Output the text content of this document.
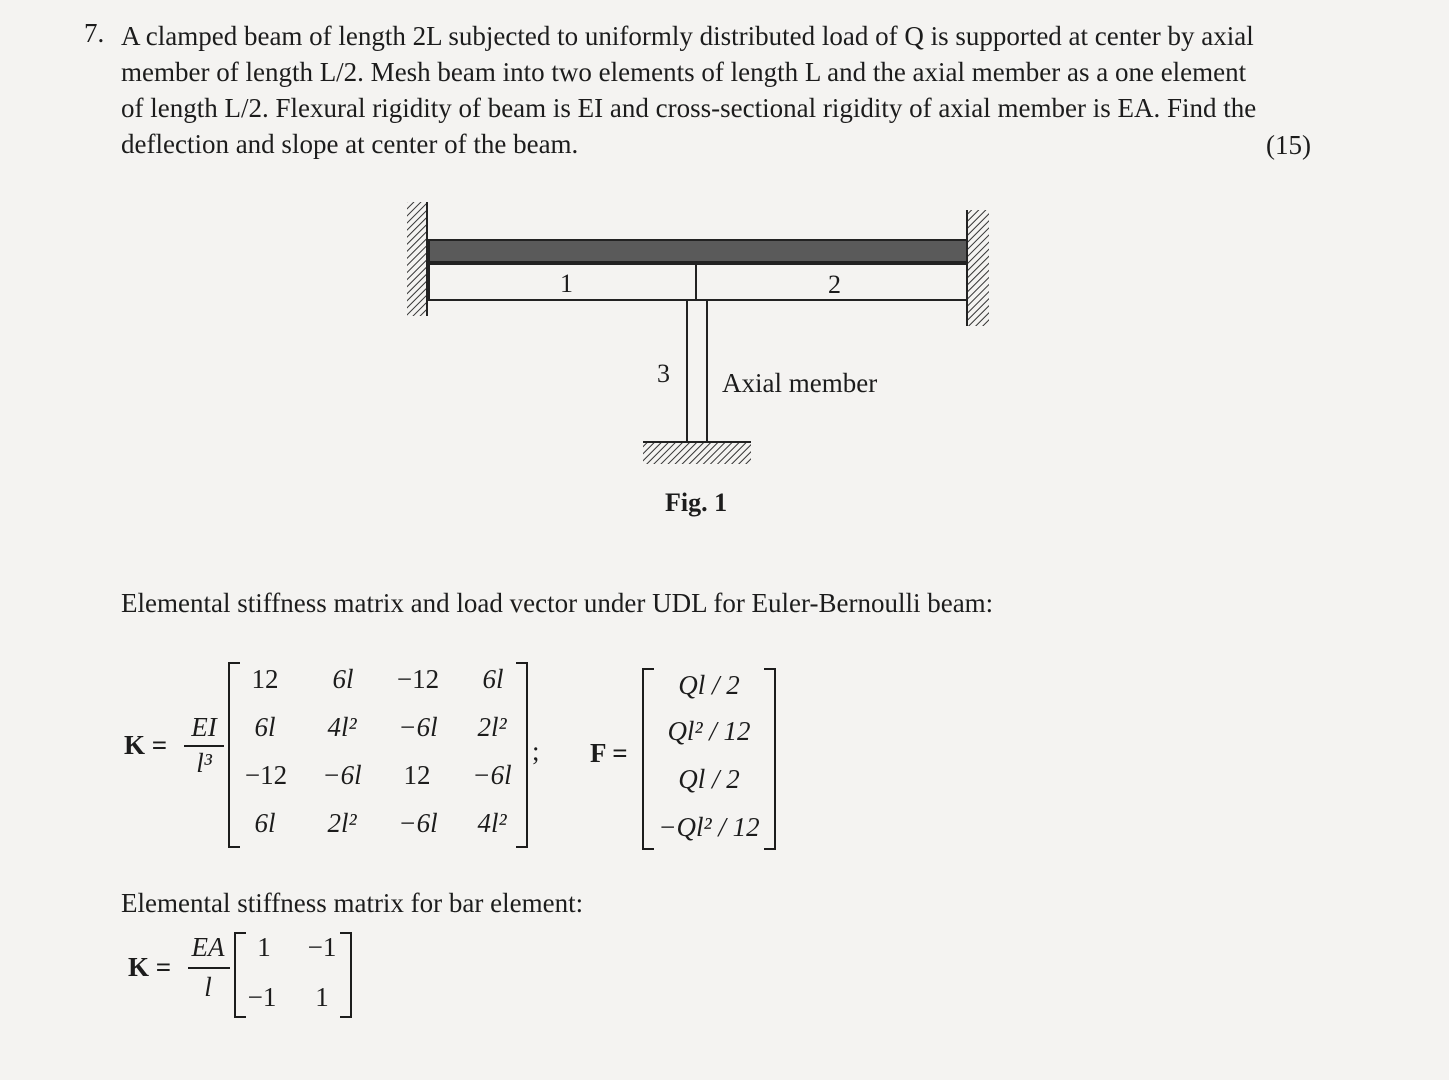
7. A clamped beam of length 2L subjected to uniformly distributed load of Q is supported at center by axial
member of length L/2. Mesh beam into two elements of length L and the axial member as a one element
of length L/2. Flexural rigidity of beam is EI and cross-sectional rigidity of axial member is EA. Find the
deflection and slope at center of the beam.	(15)
1	2
3 Axial member
Fig. 1
Elemental stiffness matrix and load vector under UDL for Euler-Bernoulli beam:
K =
EI
l³
12	6l	−12	6l
6l	4l²	−6l	2l²
−12	−6l	12	−6l
6l	2l²	−6l	4l²
; F =
Ql / 2
Ql² / 12
Ql / 2
−Ql² / 12
Elemental stiffness matrix for bar element:
K =
EA
l
1	−1
−1	1
